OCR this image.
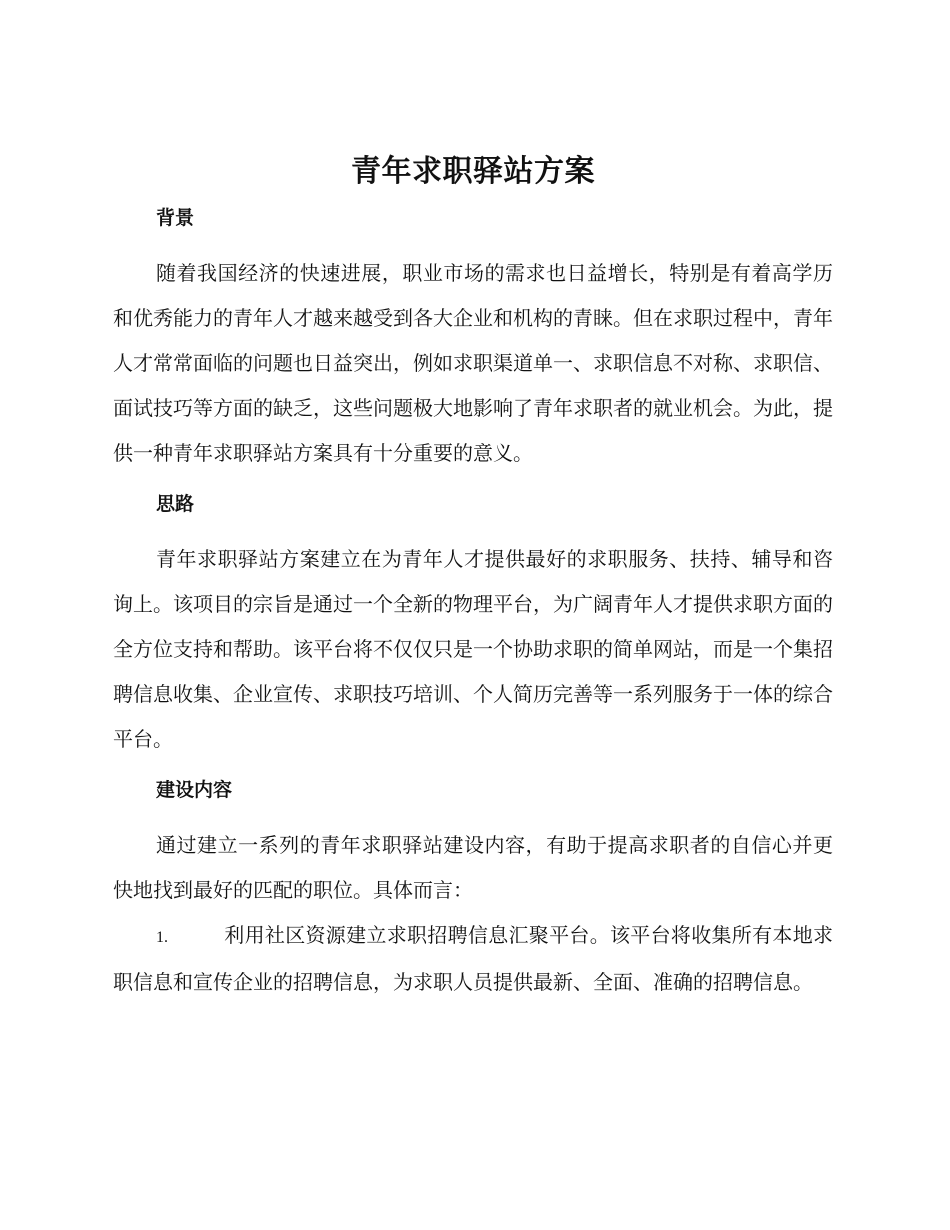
青年求职驿站方案
背景

随着我国经济的快速进展，职业市场的需求也日益增长，特别是有着高学历和优秀能力的青年人才越来越受到各大企业和机构的青睐。但在求职过程中，青年人才常常面临的问题也日益突出，例如求职渠道单一、求职信息不对称、求职信、面试技巧等方面的缺乏，这些问题极大地影响了青年求职者的就业机会。为此，提供一种青年求职驿站方案具有十分重要的意义。

思路

青年求职驿站方案建立在为青年人才提供最好的求职服务、扶持、辅导和咨询上。该项目的宗旨是通过一个全新的物理平台，为广阔青年人才提供求职方面的全方位支持和帮助。该平台将不仅仅只是一个协助求职的简单网站，而是一个集招聘信息收集、企业宣传、求职技巧培训、个人简历完善等一系列服务于一体的综合平台。

建设内容

通过建立一系列的青年求职驿站建设内容，有助于提高求职者的自信心并更快地找到最好的匹配的职位。具体而言：

1.	利用社区资源建立求职招聘信息汇聚平台。该平台将收集所有本地求职信息和宣传企业的招聘信息，为求职人员提供最新、全面、准确的招聘信息。
